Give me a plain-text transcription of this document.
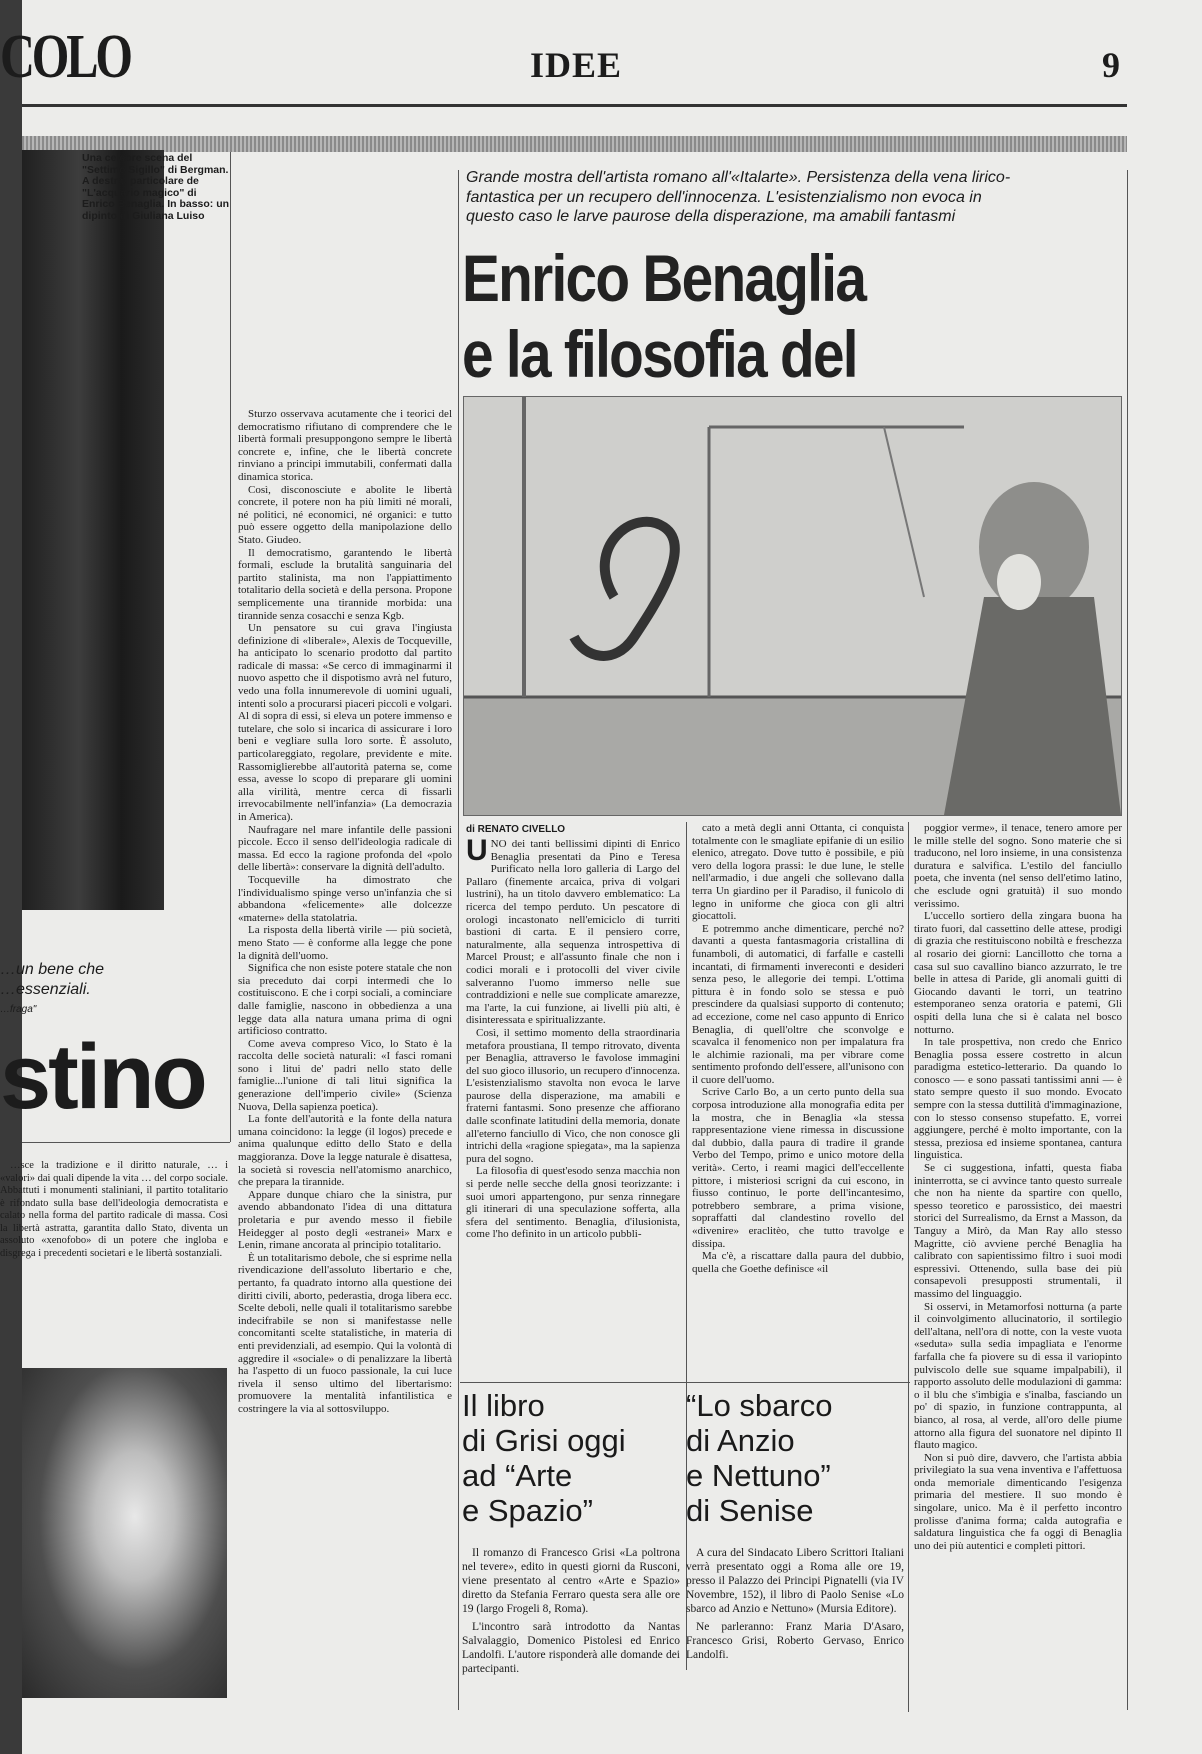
COLO	IDEE	9
Una celebre scena del "Settimo Sigillo" di Bergman. A destra: particolare de "L'acquario magico" di Enrico Benaglia. In basso: un dipinto di Giuliana Luiso
…un bene che
…essenziali.
…fraga"
stino

…sce la tradizione e il diritto naturale, … i «valori» dai quali dipende la vita … del corpo sociale. Abbattuti i monumenti staliniani, il partito totalitario è rifondato sulla base dell'ideologia democratista e calato nella forma del partito radicale di massa. Così la libertà astratta, garantita dallo Stato, diventa un assoluto «xenofobo» di un potere che ingloba e disgrega i precedenti societari e le libertà sostanziali.

Sturzo osservava acutamente che i teorici del democratismo rifiutano di comprendere che le libertà formali presuppongono sempre le libertà concrete e, infine, che le libertà concrete rinviano a principi immutabili, confermati dalla dinamica storica.

Così, disconosciute e abolite le libertà concrete, il potere non ha più limiti né morali, né politici, né economici, né organici: e tutto può essere oggetto della manipolazione dello Stato. Giudeo.

Il democratismo, garantendo le libertà formali, esclude la brutalità sanguinaria del partito stalinista, ma non l'appiattimento totalitario della società e della persona. Propone semplicemente una tirannide morbida: una tirannide senza cosacchi e senza Kgb.

Un pensatore su cui grava l'ingiusta definizione di «liberale», Alexis de Tocqueville, ha anticipato lo scenario prodotto dal partito radicale di massa: «Se cerco di immaginarmi il nuovo aspetto che il dispotismo avrà nel futuro, vedo una folla innumerevole di uomini uguali, intenti solo a procurarsi piaceri piccoli e volgari. Al di sopra di essi, si eleva un potere immenso e tutelare, che solo si incarica di assicurare i loro beni e vegliare sulla loro sorte. È assoluto, particolareggiato, regolare, previdente e mite. Rassomiglierebbe all'autorità paterna se, come essa, avesse lo scopo di preparare gli uomini alla virilità, mentre cerca di fissarli irrevocabilmente nell'infanzia» (La democrazia in America).

Naufragare nel mare infantile delle passioni piccole. Ecco il senso dell'ideologia radicale di massa. Ed ecco la ragione profonda del «polo delle libertà»: conservare la dignità dell'adulto.

Tocqueville ha dimostrato che l'individualismo spinge verso un'infanzia che si abbandona «felicemente» alle dolcezze «materne» della statolatria.

La risposta della libertà virile — più società, meno Stato — è conforme alla legge che pone la dignità dell'uomo.

Significa che non esiste potere statale che non sia preceduto dai corpi intermedi che lo costituiscono. E che i corpi sociali, a cominciare dalle famiglie, nascono in obbedienza a una legge data alla natura umana prima di ogni artificioso contratto.

Come aveva compreso Vico, lo Stato è la raccolta delle società naturali: «I fasci romani sono i litui de' padri nello stato delle famiglie...l'unione di tali litui significa la generazione dell'imperio civile» (Scienza Nuova, Della sapienza poetica).

La fonte dell'autorità e la fonte della natura umana coincidono: la legge (il logos) precede e anima qualunque editto dello Stato e della maggioranza. Dove la legge naturale è disattesa, la società si rovescia nell'atomismo anarchico, che prepara la tirannide.

Appare dunque chiaro che la sinistra, pur avendo abbandonato l'idea di una dittatura proletaria e pur avendo messo il fiebile Heidegger al posto degli «estranei» Marx e Lenin, rimane ancorata al principio totalitario.

È un totalitarismo debole, che si esprime nella rivendicazione dell'assoluto libertario e che, pertanto, fa quadrato intorno alla questione dei diritti civili, aborto, pederastia, droga libera ecc. Scelte deboli, nelle quali il totalitarismo sarebbe indecifrabile se non si manifestasse nelle concomitanti scelte statalistiche, in materia di enti previdenziali, ad esempio. Qui la volontà di aggredire il «sociale» o di penalizzare la libertà ha l'aspetto di un fuoco passionale, la cui luce rivela il senso ultimo del libertarismo: promuovere la mentalità infantilistica e costringere la via al sottosviluppo.

Grande mostra dell'artista romano all'«Italarte». Persistenza della vena lirico-fantastica per un recupero dell'innocenza. L'esistenzialismo non evoca in questo caso le larve paurose della disperazione, ma amabili fantasmi
Enrico Benaglia
e la filosofia del
di RENATO CIVELLO

UNO dei tanti bellissimi dipinti di Enrico Benaglia presentati da Pino e Teresa Purificato nella loro galleria di Largo del Pallaro (finemente arcaica, priva di volgari lustrini), ha un titolo davvero emblematico: La ricerca del tempo perduto. Un pescatore di orologi incastonato nell'emiciclo di turriti bastioni di carta. E il pensiero corre, naturalmente, alla sequenza introspettiva di Marcel Proust; e all'assunto finale che non i codici morali e i protocolli del viver civile salveranno l'uomo immerso nelle sue contraddizioni e nelle sue complicate amarezze, ma l'arte, la cui funzione, ai livelli più alti, è disinteressata e spiritualizzante.

Così, il settimo momento della straordinaria metafora proustiana, Il tempo ritrovato, diventa per Benaglia, attraverso le favolose immagini del suo gioco illusorio, un recupero d'innocenza. L'esistenzialismo stavolta non evoca le larve paurose della disperazione, ma amabili e fraterni fantasmi. Sono presenze che affiorano dalle sconfinate latitudini della memoria, donate all'eterno fanciullo di Vico, che non conosce gli intrichi della «ragione spiegata», ma la sapienza pura del sogno.

La filosofia di quest'esodo senza macchia non si perde nelle secche della gnosi teorizzante: i suoi umori appartengono, pur senza rinnegare gli itinerari di una speculazione sofferta, alla sfera del sentimento. Benaglia, d'ilusionista, come l'ho definito in un articolo pubbli-

cato a metà degli anni Ottanta, ci conquista totalmente con le smagliate epifanie di un esilio elenico, atregato. Dove tutto è possibile, e più vero della logora prassi: le due lune, le stelle nell'armadio, i due angeli che sollevano dalla terra Un giardino per il Paradiso, il funicolo di legno in uniforme che gioca con gli altri giocattoli.

E potremmo anche dimenticare, perché no? davanti a questa fantasmagoria cristallina di funamboli, di automatici, di farfalle e castelli incantati, di firmamenti invereconti e desideri senza peso, le allegorie dei tempi. L'ottima pittura è in fondo solo se stessa e può prescindere da qualsiasi supporto di contenuto; ad eccezione, come nel caso appunto di Enrico Benaglia, di quell'oltre che sconvolge e scavalca il fenomenico non per impalatura fra le alchimie razionali, ma per vibrare come sentimento profondo dell'essere, all'unisono con il cuore dell'uomo.

Scrive Carlo Bo, a un certo punto della sua corposa introduzione alla monografia edita per la mostra, che in Benaglia «la stessa rappresentazione viene rimessa in discussione dal dubbio, dalla paura di tradire il grande Verbo del Tempo, primo e unico motore della verità». Certo, i reami magici dell'eccellente pittore, i misteriosi scrigni da cui escono, in fiusso continuo, le porte dell'incantesimo, potrebbero sembrare, a prima visione, sopraffatti dal clandestino rovello del «divenire» eraclitèo, che tutto travolge e dissipa.

Ma c'è, a riscattare dalla paura del dubbio, quella che Goethe definisce «il

poggior verme», il tenace, tenero amore per le mille stelle del sogno. Sono materie che si traducono, nel loro insieme, in una consistenza duratura e salvifica. L'estilo del fanciullo poeta, che inventa (nel senso dell'etimo latino, che esclude ogni gratuità) il suo mondo verissimo.

L'uccello sortiero della zingara buona ha tirato fuori, dal cassettino delle attese, prodigi di grazia che restituiscono nobiltà e freschezza al rosario dei giorni: Lancillotto che torna a casa sul suo cavallino bianco azzurrato, le tre belle in attesa di Paride, gli anomali guitti di Giocando davanti le torri, un teatrino estemporaneo senza oratoria e patemi, Gli ospiti della luna che si è calata nel bosco notturno.

In tale prospettiva, non credo che Enrico Benaglia possa essere costretto in alcun paradigma estetico-letterario. Da quando lo conosco — e sono passati tantissimi anni — è stato sempre questo il suo mondo. Evocato sempre con la stessa duttilità d'immaginazione, con lo stesso consenso stupefatto. E, vorrei aggiungere, perché è molto importante, con la stessa, preziosa ed insieme spontanea, cantura linguistica.

Se ci suggestiona, infatti, questa fiaba ininterrotta, se ci avvince tanto questo surreale che non ha niente da spartire con quello, spesso teoretico e parossistico, dei maestri storici del Surrealismo, da Ernst a Masson, da Tanguy a Mirò, da Man Ray allo stesso Magritte, ciò avviene perché Benaglia ha calibrato con sapientissimo filtro i suoi modi espressivi. Ottenendo, sulla base dei più consapevoli presupposti strumentali, il massimo del linguaggio.

Si osservi, in Metamorfosi notturna (a parte il coinvolgimento allucinatorio, il sortilegio dell'altana, nell'ora di notte, con la veste vuota «seduta» sulla sedia impagliata e l'enorme farfalla che fa piovere su di essa il variopinto pulviscolo delle sue squame impalpabili), il rapporto assoluto delle modulazioni di gamma: o il blu che s'imbigia e s'inalba, fasciando un po' di spazio, in funzione contrappunta, al bianco, al rosa, al verde, all'oro delle piume attorno alla figura del suonatore nel dipinto Il flauto magico.

Non si può dire, davvero, che l'artista abbia privilegiato la sua vena inventiva e l'affettuosa onda memoriale dimenticando l'esigenza primaria del mestiere. Il suo mondo è singolare, unico. Ma è il perfetto incontro prolisse d'anima forma; calda autografia e saldatura linguistica che fa oggi di Benaglia uno dei più autentici e completi pittori.

Il libro
di Grisi oggi
ad “Arte
e Spazio”

Il romanzo di Francesco Grisi «La poltrona nel tevere», edito in questi giorni da Rusconi, viene presentato al centro «Arte e Spazio» diretto da Stefania Ferraro questa sera alle ore 19 (largo Frogeli 8, Roma).

L'incontro sarà introdotto da Nantas Salvalaggio, Domenico Pistolesi ed Enrico Landolfi. L'autore risponderà alle domande dei partecipanti.

“Lo sbarco
di Anzio
e Nettuno”
di Senise

A cura del Sindacato Libero Scrittori Italiani verrà presentato oggi a Roma alle ore 19, presso il Palazzo dei Principi Pignatelli (via IV Novembre, 152), il libro di Paolo Senise «Lo sbarco ad Anzio e Nettuno» (Mursia Editore).

Ne parleranno: Franz Maria D'Asaro, Francesco Grisi, Roberto Gervaso, Enrico Landolfi.
